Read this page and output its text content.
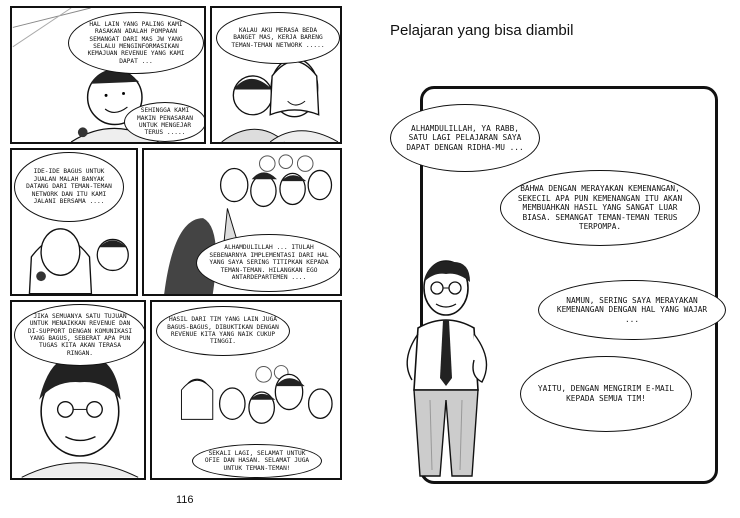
HAL LAIN YANG PALING KAMI RASAKAN ADALAH POMPAAN SEMANGAT DARI MAS JW YANG SELALU MENGINFORMASIKAN KEMAJUAN REVENUE YANG KAMI DAPAT ...
SEHINGGA KAMI MAKIN PENASARAN UNTUK MENGEJAR TERUS .....
KALAU AKU MERASA BEDA BANGET MAS, KERJA BARENG TEMAN-TEMAN NETWORK .....
IDE-IDE BAGUS UNTUK JUALAN MALAH BANYAK DATANG DARI TEMAN-TEMAN NETWORK DAN ITU KAMI JALANI BERSAMA ....
ALHAMDULILLAH ... ITULAH SEBENARNYA IMPLEMENTASI DARI HAL YANG SAYA SERING TITIPKAN KEPADA TEMAN-TEMAN. HILANGKAN EGO ANTARDEPARTEMEN ....
JIKA SEMUANYA SATU TUJUAN UNTUK MENAIKKAN REVENUE DAN DI-SUPPORT DENGAN KOMUNIKASI YANG BAGUS, SEBERAT APA PUN TUGAS KITA AKAN TERASA RINGAN.
HASIL DARI TIM YANG LAIN JUGA BAGUS-BAGUS, DIBUKTIKAN DENGAN REVENUE KITA YANG NAIK CUKUP TINGGI.
SEKALI LAGI, SELAMAT UNTUK OFIE DAN HASAN. SELAMAT JUGA UNTUK TEMAN-TEMAN!
116
Pelajaran yang bisa diambil
ALHAMDULILLAH, YA RABB, SATU LAGI PELAJARAN SAYA DAPAT DENGAN RIDHA-MU ...
BAHWA DENGAN MERAYAKAN KEMENANGAN, SEKECIL APA PUN KEMENANGAN ITU AKAN MEMBUAHKAN HASIL YANG SANGAT LUAR BIASA. SEMANGAT TEMAN-TEMAN TERUS TERPOMPA.
NAMUN, SERING SAYA MERAYAKAN KEMENANGAN DENGAN HAL YANG WAJAR ...
YAITU, DENGAN MENGIRIM E-MAIL KEPADA SEMUA TIM!
